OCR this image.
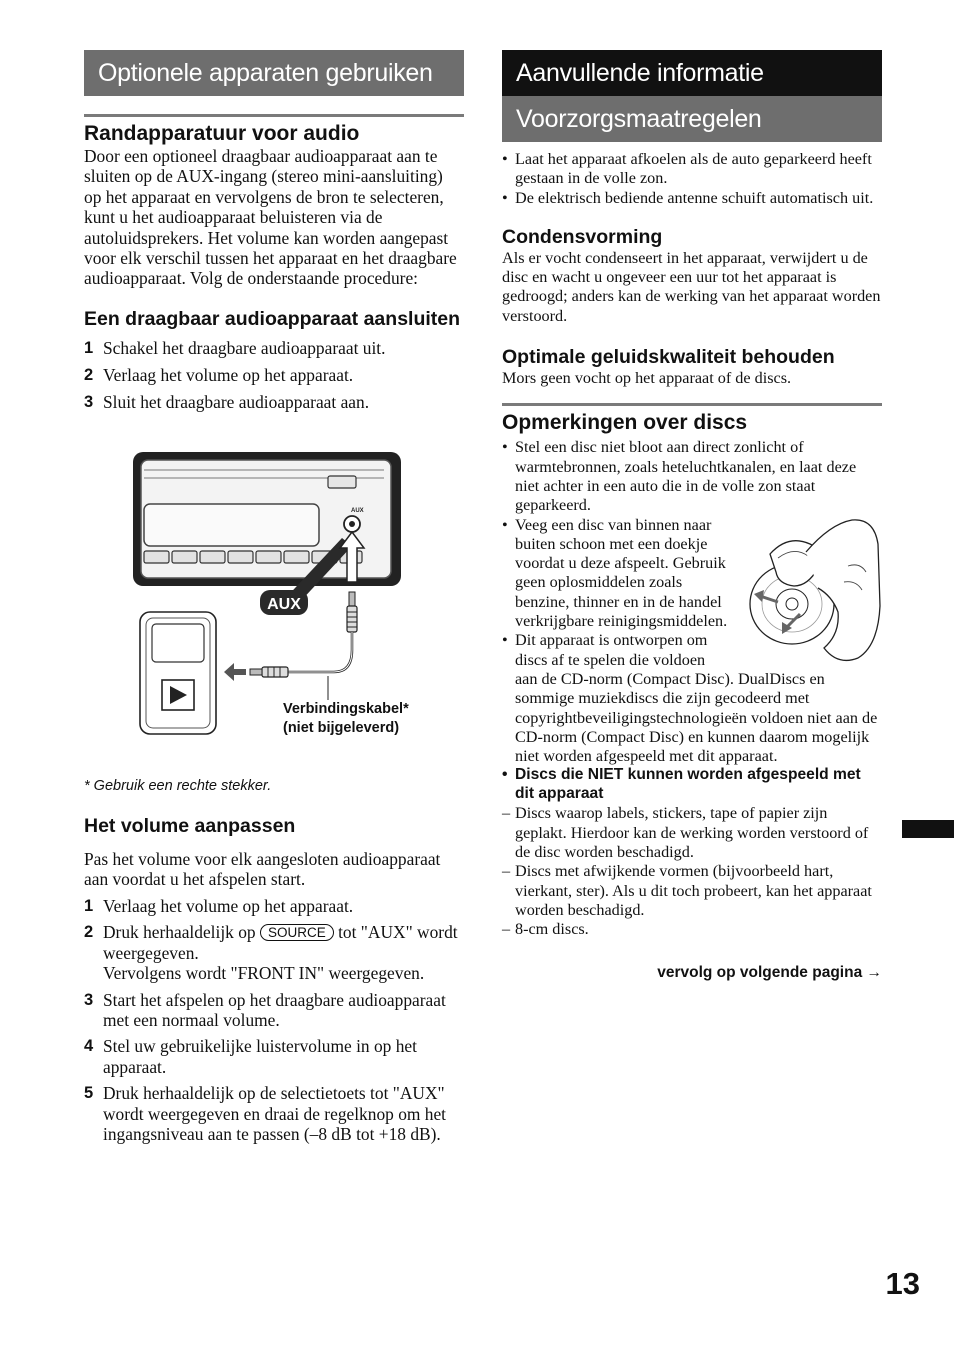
Optionele apparaten gebruiken
Randapparatuur voor audio

Door een optioneel draagbaar audioapparaat aan te sluiten op de AUX-ingang (stereo mini-aansluiting) op het apparaat en vervolgens de bron te selecteren, kunt u het audioapparaat beluisteren via de autoluidsprekers. Het volume kan worden aangepast voor elk verschil tussen het apparaat en het draagbare audioapparaat. Volg de onderstaande procedure:

Een draagbaar audioapparaat aansluiten
1 Schakel het draagbare audioapparaat uit.
2 Verlaag het volume op het apparaat.
3 Sluit het draagbare audioapparaat aan.
AUX
AUX
Verbindingskabel*
(niet bijgeleverd)
* Gebruik een rechte stekker.
Het volume aanpassen

Pas het volume voor elk aangesloten audioapparaat aan voordat u het afspelen start.

1 Verlaag het volume op het apparaat.
2 Druk herhaaldelijk op SOURCE tot "AUX" wordt weergegeven.
Vervolgens wordt "FRONT IN" weergegeven.
3 Start het afspelen op het draagbare audioapparaat met een normaal volume.
4 Stel uw gebruikelijke luistervolume in op het apparaat.
5 Druk herhaaldelijk op de selectietoets tot "AUX" wordt weergegeven en draai de regelknop om het ingangsniveau aan te passen (–8 dB tot +18 dB).
Aanvullende informatie
Voorzorgsmaatregelen
• Laat het apparaat afkoelen als de auto geparkeerd heeft gestaan in de volle zon.
• De elektrisch bediende antenne schuift automatisch uit.
Condensvorming

Als er vocht condenseert in het apparaat, verwijdert u de disc en wacht u ongeveer een uur tot het apparaat is gedroogd; anders kan de werking van het apparaat worden verstoord.

Optimale geluidskwaliteit behouden

Mors geen vocht op het apparaat of de discs.

Opmerkingen over discs
• Stel een disc niet bloot aan direct zonlicht of warmtebronnen, zoals heteluchtkanalen, en laat deze niet achter in een auto die in de volle zon staat geparkeerd.
• Veeg een disc van binnen naar buiten schoon met een doekje voordat u deze afspeelt. Gebruik geen oplosmiddelen zoals benzine, thinner en in de handel verkrijgbare reinigingsmiddelen.
• Dit apparaat is ontworpen om discs af te spelen die voldoen
aan de CD-norm (Compact Disc). DualDiscs en sommige muziekdiscs die zijn gecodeerd met copyrightbeveiligingstechnologieën voldoen niet aan de CD-norm (Compact Disc) en kunnen daarom mogelijk niet worden afgespeeld met dit apparaat.
• Discs die NIET kunnen worden afgespeeld met dit apparaat
– Discs waarop labels, stickers, tape of papier zijn geplakt. Hierdoor kan de werking worden verstoord of de disc worden beschadigd.
– Discs met afwijkende vormen (bijvoorbeeld hart, vierkant, ster). Als u dit toch probeert, kan het apparaat worden beschadigd.
– 8-cm discs.
vervolg op volgende pagina →
13
